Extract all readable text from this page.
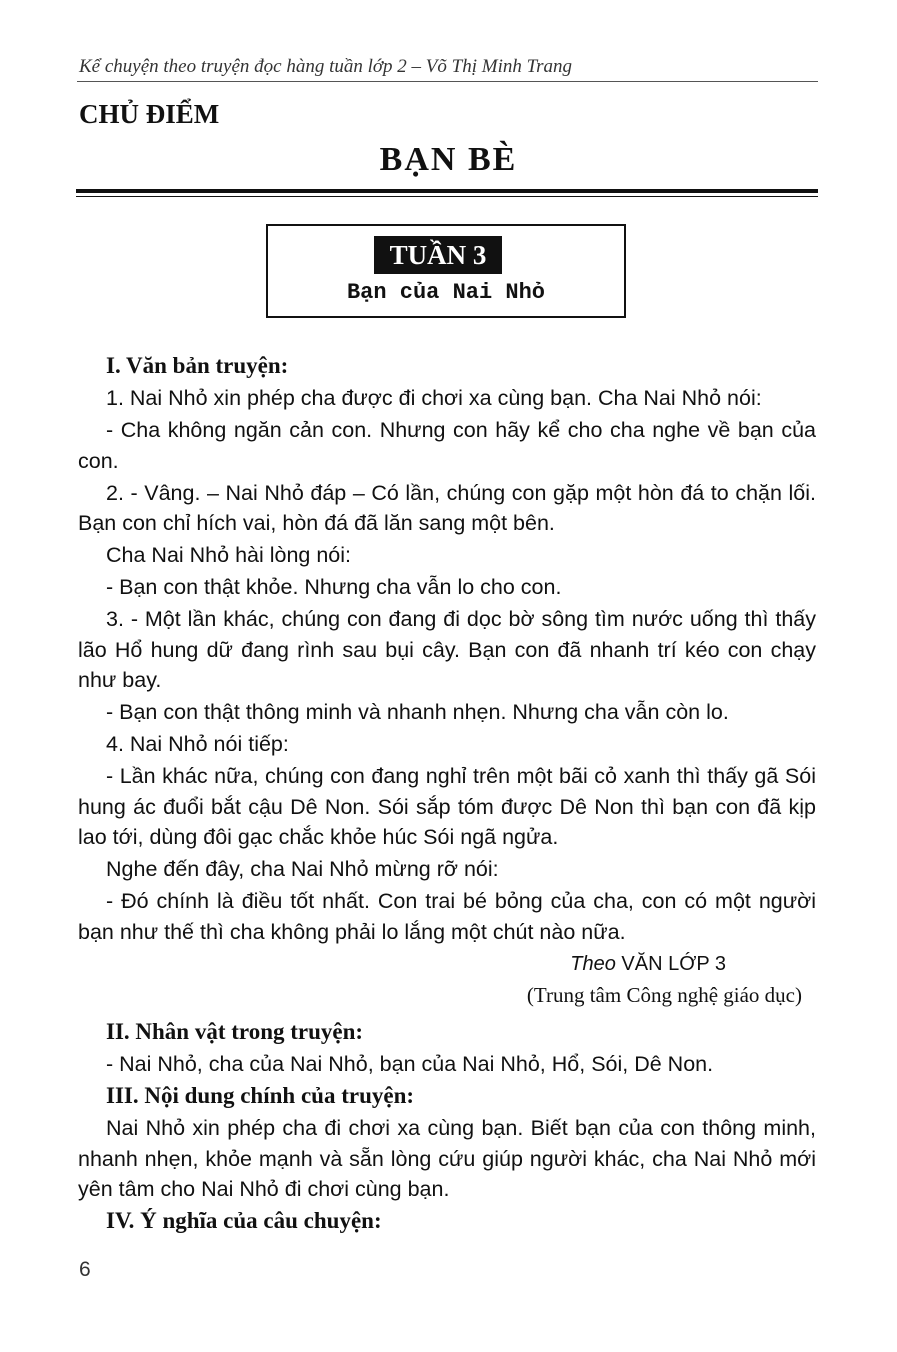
Kể chuyện theo truyện đọc hàng tuần lớp 2 – Võ Thị Minh Trang
CHỦ ĐIỂM
BẠN BÈ
TUẦN 3
Bạn của Nai Nhỏ
I. Văn bản truyện:
1. Nai Nhỏ xin phép cha được đi chơi xa cùng bạn. Cha Nai Nhỏ nói:
- Cha không ngăn cản con. Nhưng con hãy kể cho cha nghe về bạn của con.
2. - Vâng. – Nai Nhỏ đáp – Có lần, chúng con gặp một hòn đá to chặn lối. Bạn con chỉ hích vai, hòn đá đã lăn sang một bên.
Cha Nai Nhỏ hài lòng nói:
- Bạn con thật khỏe. Nhưng cha vẫn lo cho con.
3. - Một lần khác, chúng con đang đi dọc bờ sông tìm nước uống thì thấy lão Hổ hung dữ đang rình sau bụi cây. Bạn con đã nhanh trí kéo con chạy như bay.
- Bạn con thật thông minh và nhanh nhẹn. Nhưng cha vẫn còn lo.
4. Nai Nhỏ nói tiếp:
- Lần khác nữa, chúng con đang nghỉ trên một bãi cỏ xanh thì thấy gã Sói hung ác đuổi bắt cậu Dê Non. Sói sắp tóm được Dê Non thì bạn con đã kịp lao tới, dùng đôi gạc chắc khỏe húc Sói ngã ngửa.
Nghe đến đây, cha Nai Nhỏ mừng rỡ nói:
- Đó chính là điều tốt nhất. Con trai bé bỏng của cha, con có một người bạn như thế thì cha không phải lo lắng một chút nào nữa.
Theo VĂN LỚP 3
(Trung tâm Công nghệ giáo dục)
II. Nhân vật trong truyện:
- Nai Nhỏ, cha của Nai Nhỏ, bạn của Nai Nhỏ, Hổ, Sói, Dê Non.
III. Nội dung chính của truyện:
Nai Nhỏ xin phép cha đi chơi xa cùng bạn. Biết bạn của con thông minh, nhanh nhẹn, khỏe mạnh và sẵn lòng cứu giúp người khác, cha Nai Nhỏ mới yên tâm cho Nai Nhỏ đi chơi cùng bạn.
IV. Ý nghĩa của câu chuyện:
6
